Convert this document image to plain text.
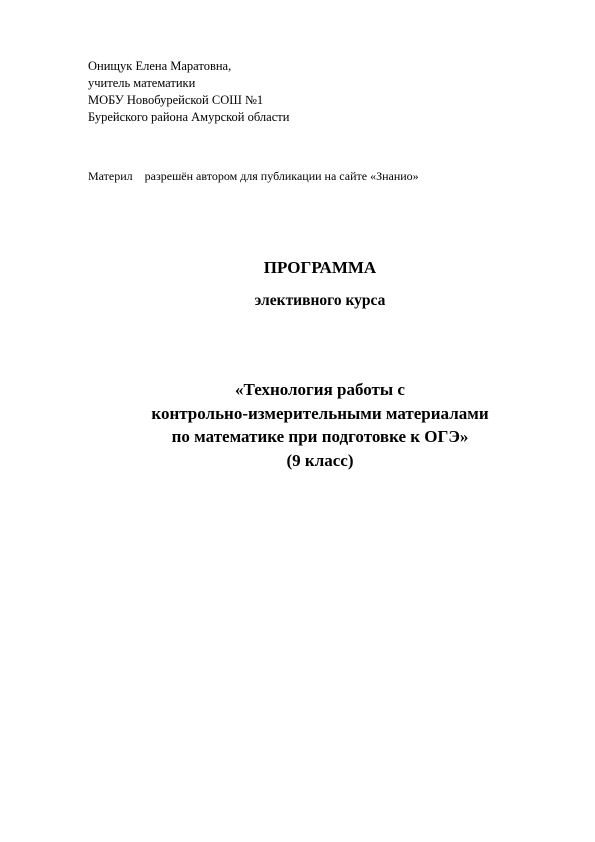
Онищук Елена Маратовна,
учитель математики
МОБУ Новобурейской СОШ №1
Бурейского района Амурской области
Материл разрешён автором для публикации на сайте «Знанио»
ПРОГРАММА
элективного курса
«Технология работы с
контрольно-измерительными материалами
по математике при подготовке к ОГЭ»
(9 класс)
